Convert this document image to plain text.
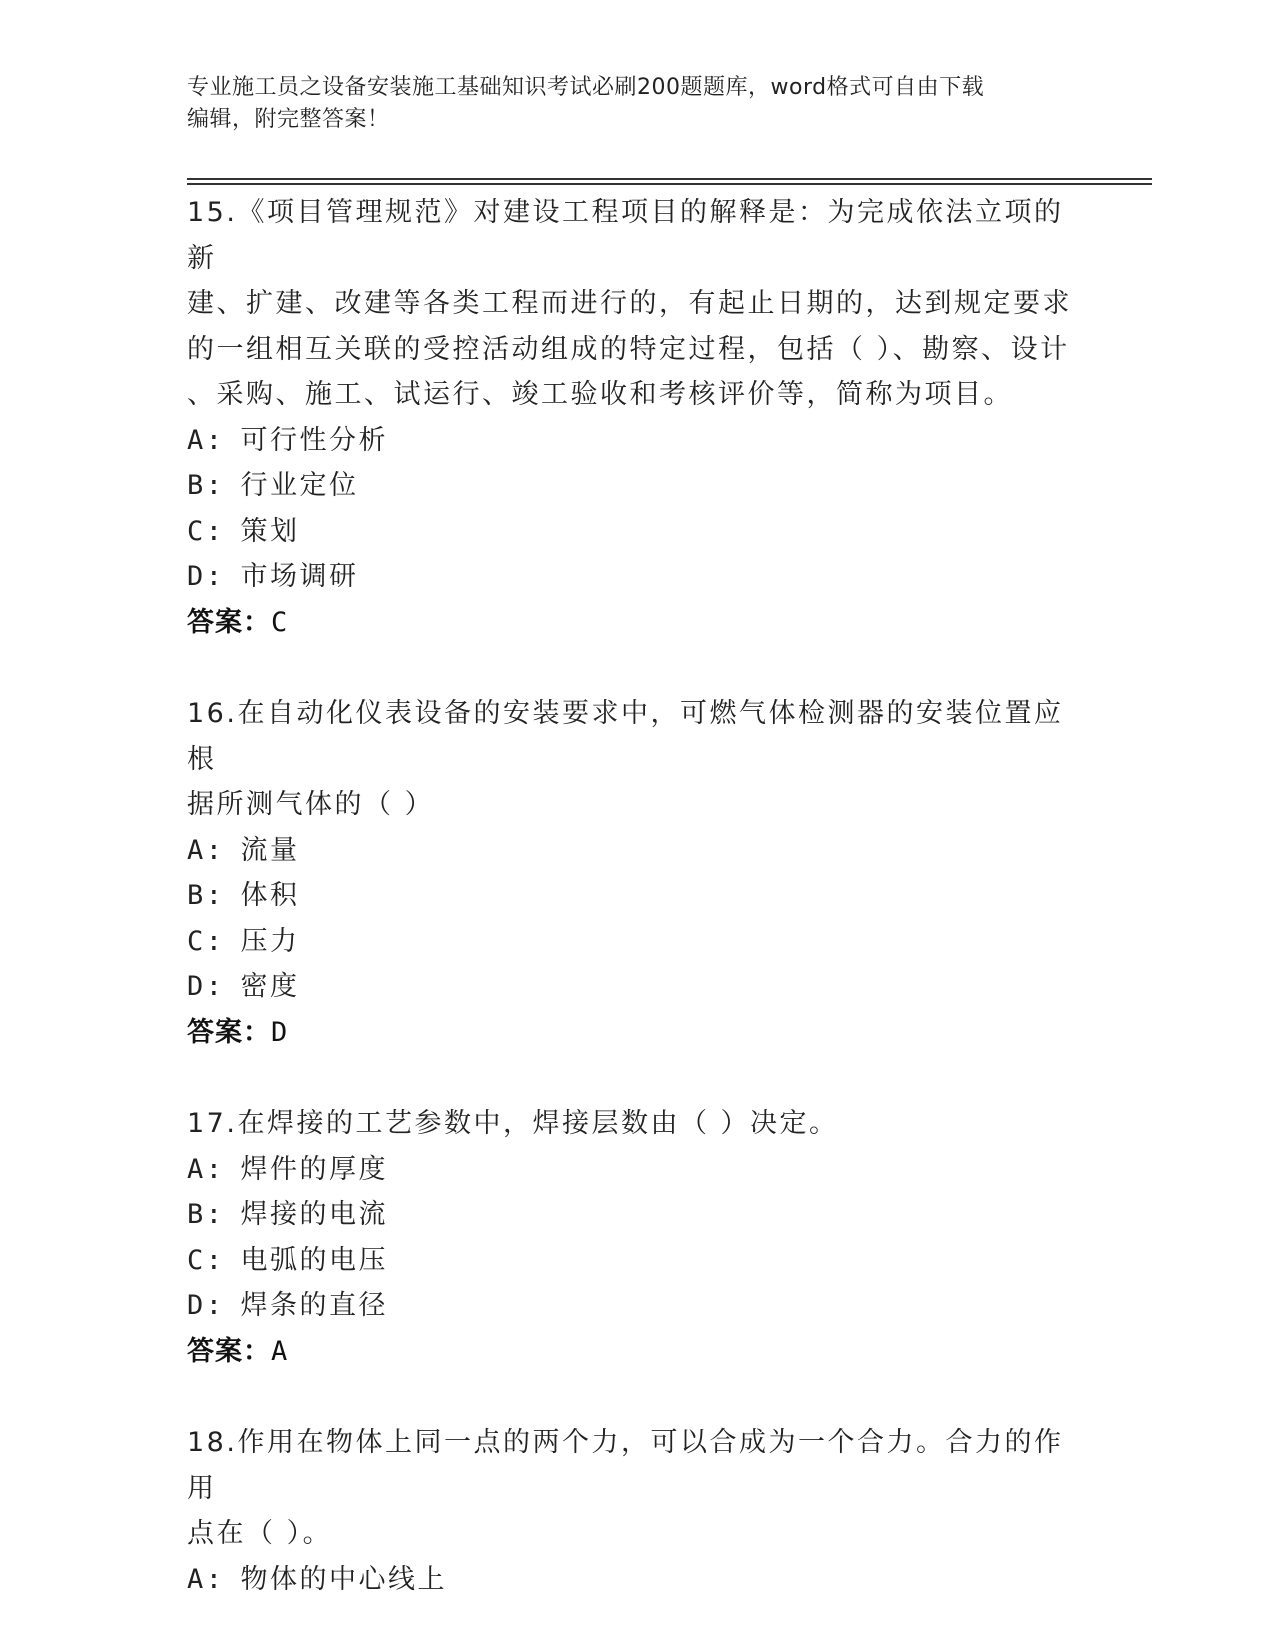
专业施工员之设备安装施工基础知识考试必刷200题题库，word格式可自由下载

编辑，附完整答案！

15.《项目管理规范》对建设工程项目的解释是：为完成依法立项的新
建、扩建、改建等各类工程而进行的，有起止日期的，达到规定要求
的一组相互关联的受控活动组成的特定过程，包括（ ）、勘察、设计
、采购、施工、试运行、竣工验收和考核评价等，简称为项目。

A: 可行性分析

B: 行业定位

C: 策划

D: 市场调研

答案：C

16.在自动化仪表设备的安装要求中，可燃气体检测器的安装位置应根
据所测气体的（ ）

A: 流量

B: 体积

C: 压力

D: 密度

答案：D

17.在焊接的工艺参数中，焊接层数由（ ）决定。

A: 焊件的厚度

B: 焊接的电流

C: 电弧的电压

D: 焊条的直径

答案：A

18.作用在物体上同一点的两个力，可以合成为一个合力。合力的作用
点在（ ）。

A: 物体的中心线上
